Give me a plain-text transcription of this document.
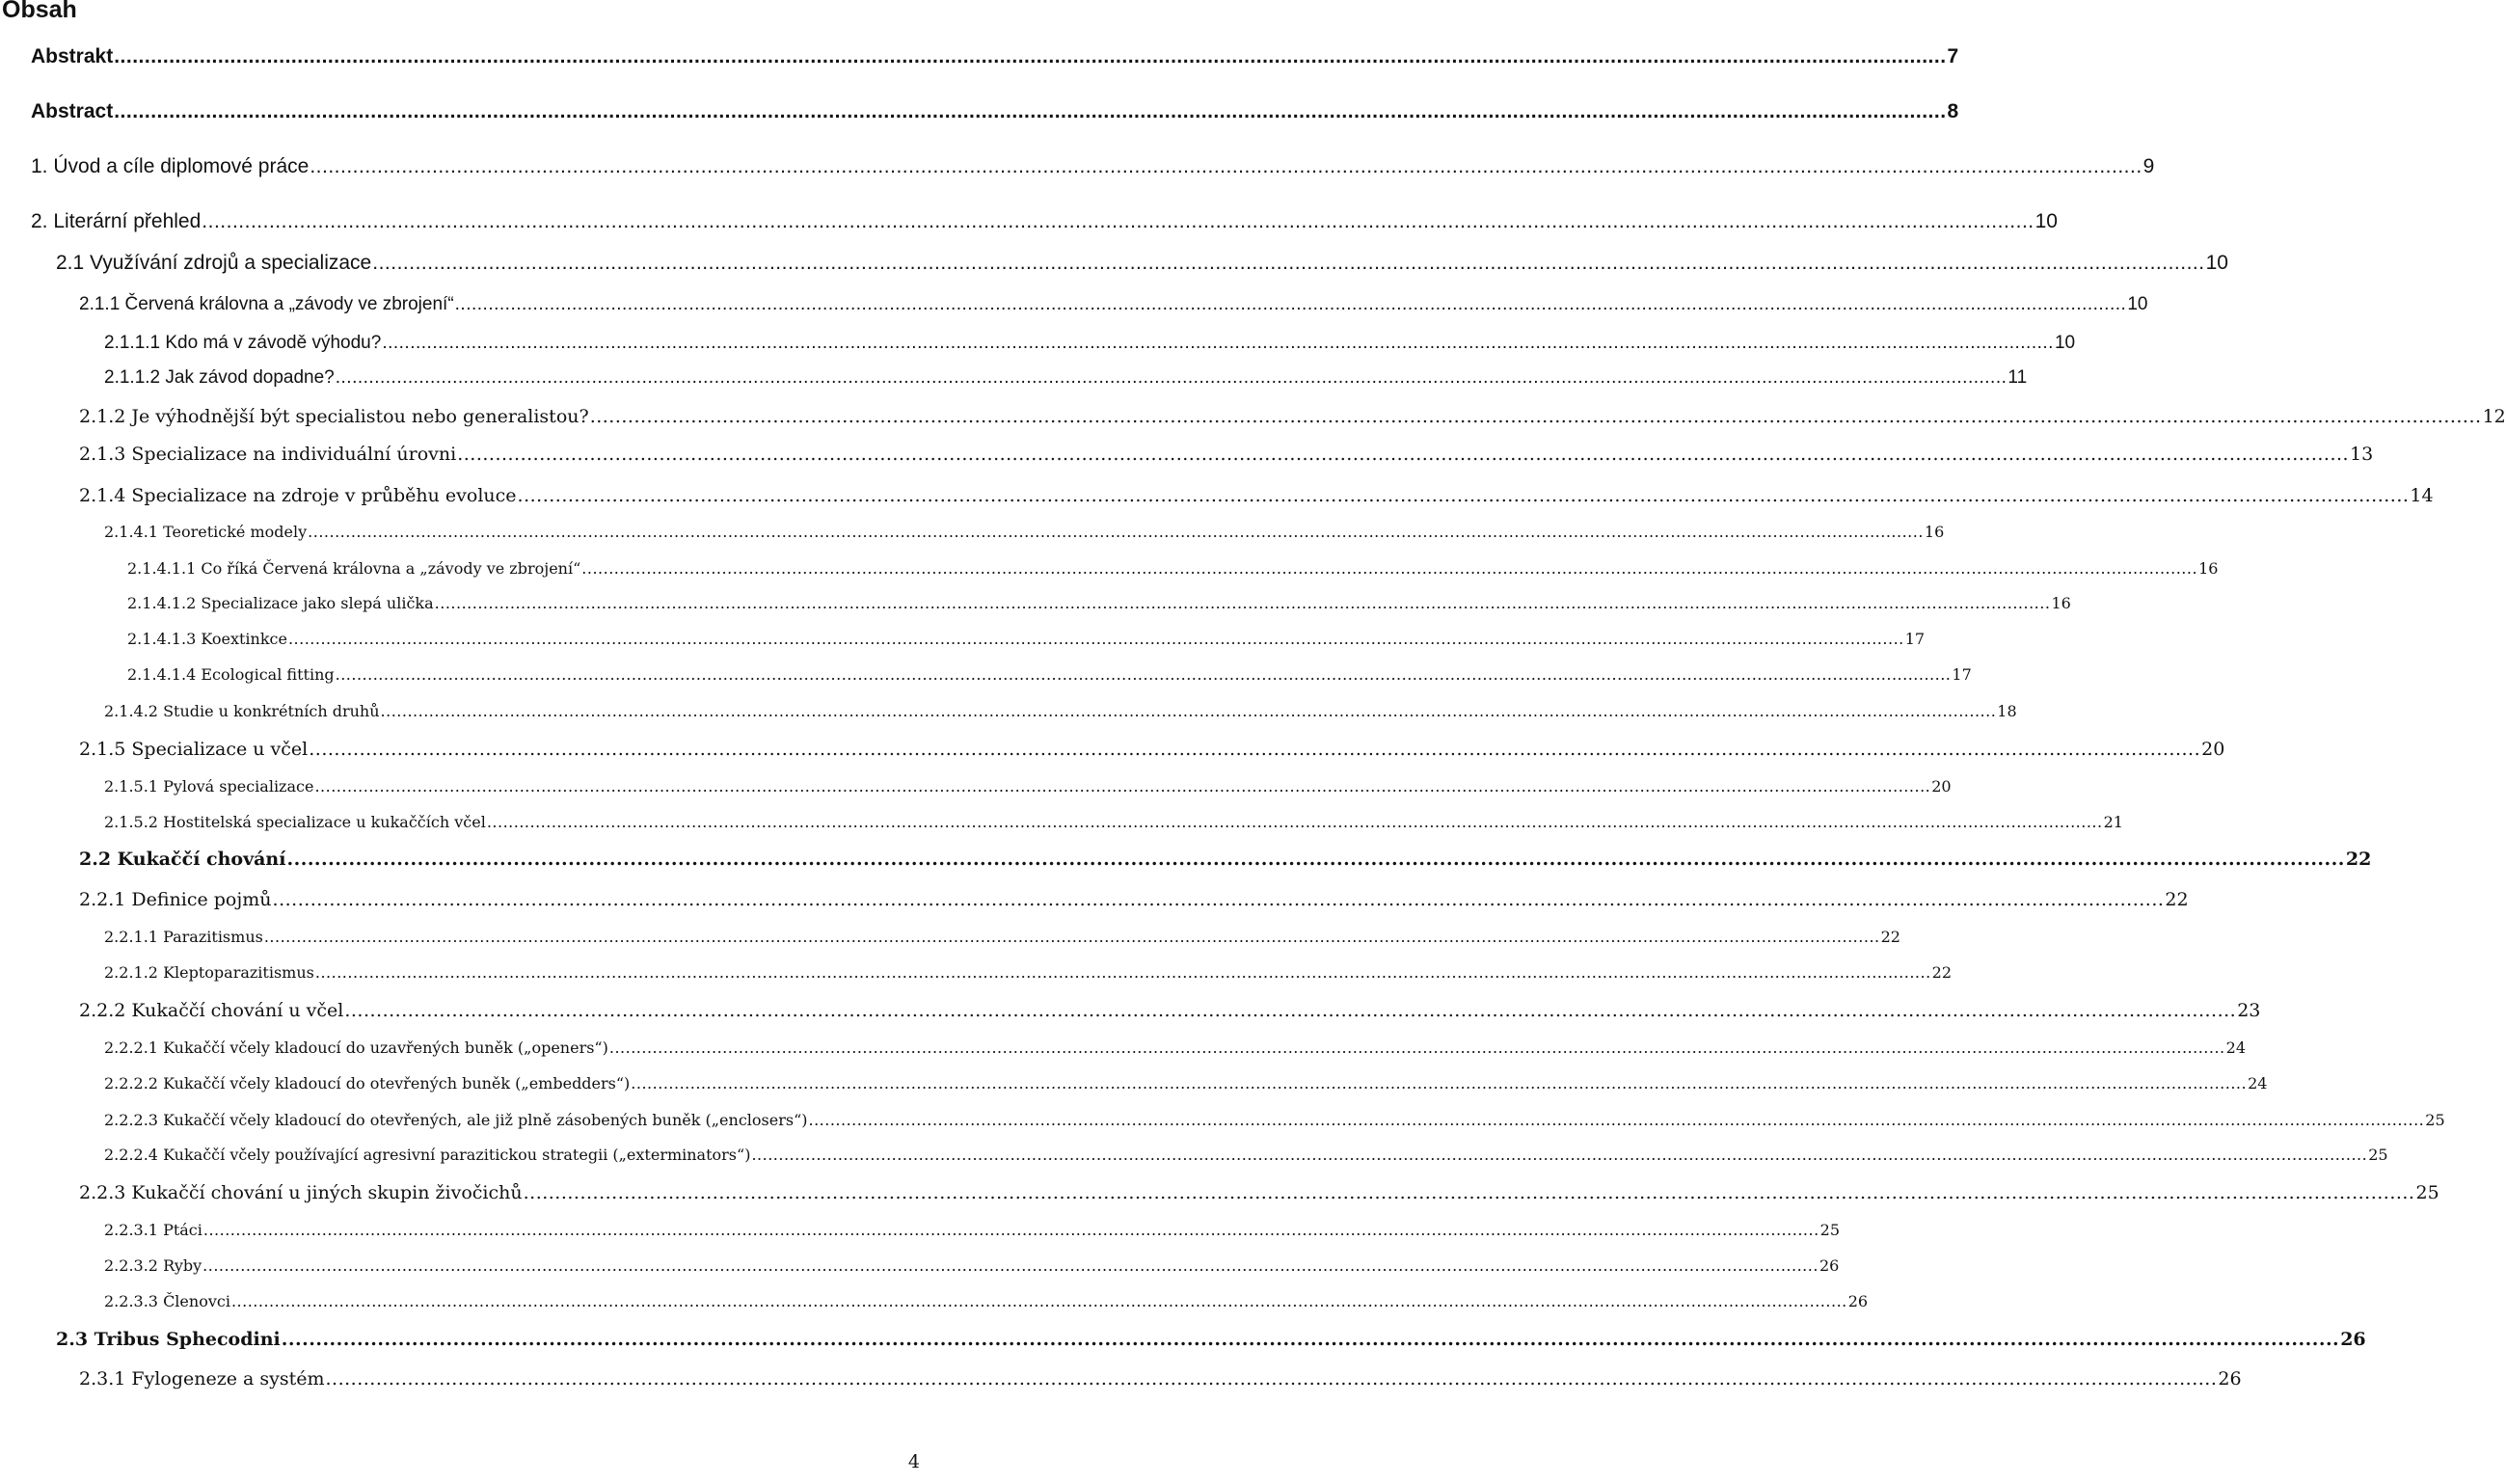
Obsah
Abstrakt ............................................................................................................................................................................................................................................................................................................ 7
Abstract ............................................................................................................................................................................................................................................................................................................ 8
1. Úvod a cíle diplomové práce ............................................................................................................................................................................................................................................................................................................ 9
2. Literární přehled ............................................................................................................................................................................................................................................................................................................ 10
2.1 Využívání zdrojů a specializace ............................................................................................................................................................................................................................................................................................................ 10
2.1.1 Červená královna a „závody ve zbrojení“ ............................................................................................................................................................................................................................................................................................................ 10
2.1.1.1 Kdo má v závodě výhodu? ............................................................................................................................................................................................................................................................................................................ 10
2.1.1.2 Jak závod dopadne? ............................................................................................................................................................................................................................................................................................................ 11
2.1.2 Je výhodnější být specialistou nebo generalistou? ............................................................................................................................................................................................................................................................................................................ 12
2.1.3 Specializace na individuální úrovni ............................................................................................................................................................................................................................................................................................................ 13
2.1.4 Specializace na zdroje v průběhu evoluce ............................................................................................................................................................................................................................................................................................................ 14
2.1.4.1 Teoretické modely ............................................................................................................................................................................................................................................................................................................ 16
2.1.4.1.1 Co říká Červená královna a „závody ve zbrojení“ ............................................................................................................................................................................................................................................................................................................ 16
2.1.4.1.2 Specializace jako slepá ulička ............................................................................................................................................................................................................................................................................................................ 16
2.1.4.1.3 Koextinkce ............................................................................................................................................................................................................................................................................................................ 17
2.1.4.1.4 Ecological fitting ............................................................................................................................................................................................................................................................................................................ 17
2.1.4.2 Studie u konkrétních druhů ............................................................................................................................................................................................................................................................................................................ 18
2.1.5 Specializace u včel ............................................................................................................................................................................................................................................................................................................ 20
2.1.5.1 Pylová specializace ............................................................................................................................................................................................................................................................................................................ 20
2.1.5.2 Hostitelská specializace u kukaččích včel ............................................................................................................................................................................................................................................................................................................ 21
2.2 Kukaččí chování ............................................................................................................................................................................................................................................................................................................ 22
2.2.1 Definice pojmů ............................................................................................................................................................................................................................................................................................................ 22
2.2.1.1 Parazitismus ............................................................................................................................................................................................................................................................................................................ 22
2.2.1.2 Kleptoparazitismus ............................................................................................................................................................................................................................................................................................................ 22
2.2.2 Kukaččí chování u včel ............................................................................................................................................................................................................................................................................................................ 23
2.2.2.1 Kukaččí včely kladoucí do uzavřených buněk („openers“) ............................................................................................................................................................................................................................................................................................................ 24
2.2.2.2 Kukaččí včely kladoucí do otevřených buněk („embedders“) ............................................................................................................................................................................................................................................................................................................ 24
2.2.2.3 Kukaččí včely kladoucí do otevřených, ale již plně zásobených buněk („enclosers“) ............................................................................................................................................................................................................................................................................................................ 25
2.2.2.4 Kukaččí včely používající agresivní parazitickou strategii („exterminators“) ............................................................................................................................................................................................................................................................................................................ 25
2.2.3 Kukaččí chování u jiných skupin živočichů ............................................................................................................................................................................................................................................................................................................ 25
2.2.3.1 Ptáci ............................................................................................................................................................................................................................................................................................................ 25
2.2.3.2 Ryby ............................................................................................................................................................................................................................................................................................................ 26
2.2.3.3 Členovci ............................................................................................................................................................................................................................................................................................................ 26
2.3 Tribus Sphecodini ............................................................................................................................................................................................................................................................................................................ 26
2.3.1 Fylogeneze a systém ............................................................................................................................................................................................................................................................................................................ 26
4
